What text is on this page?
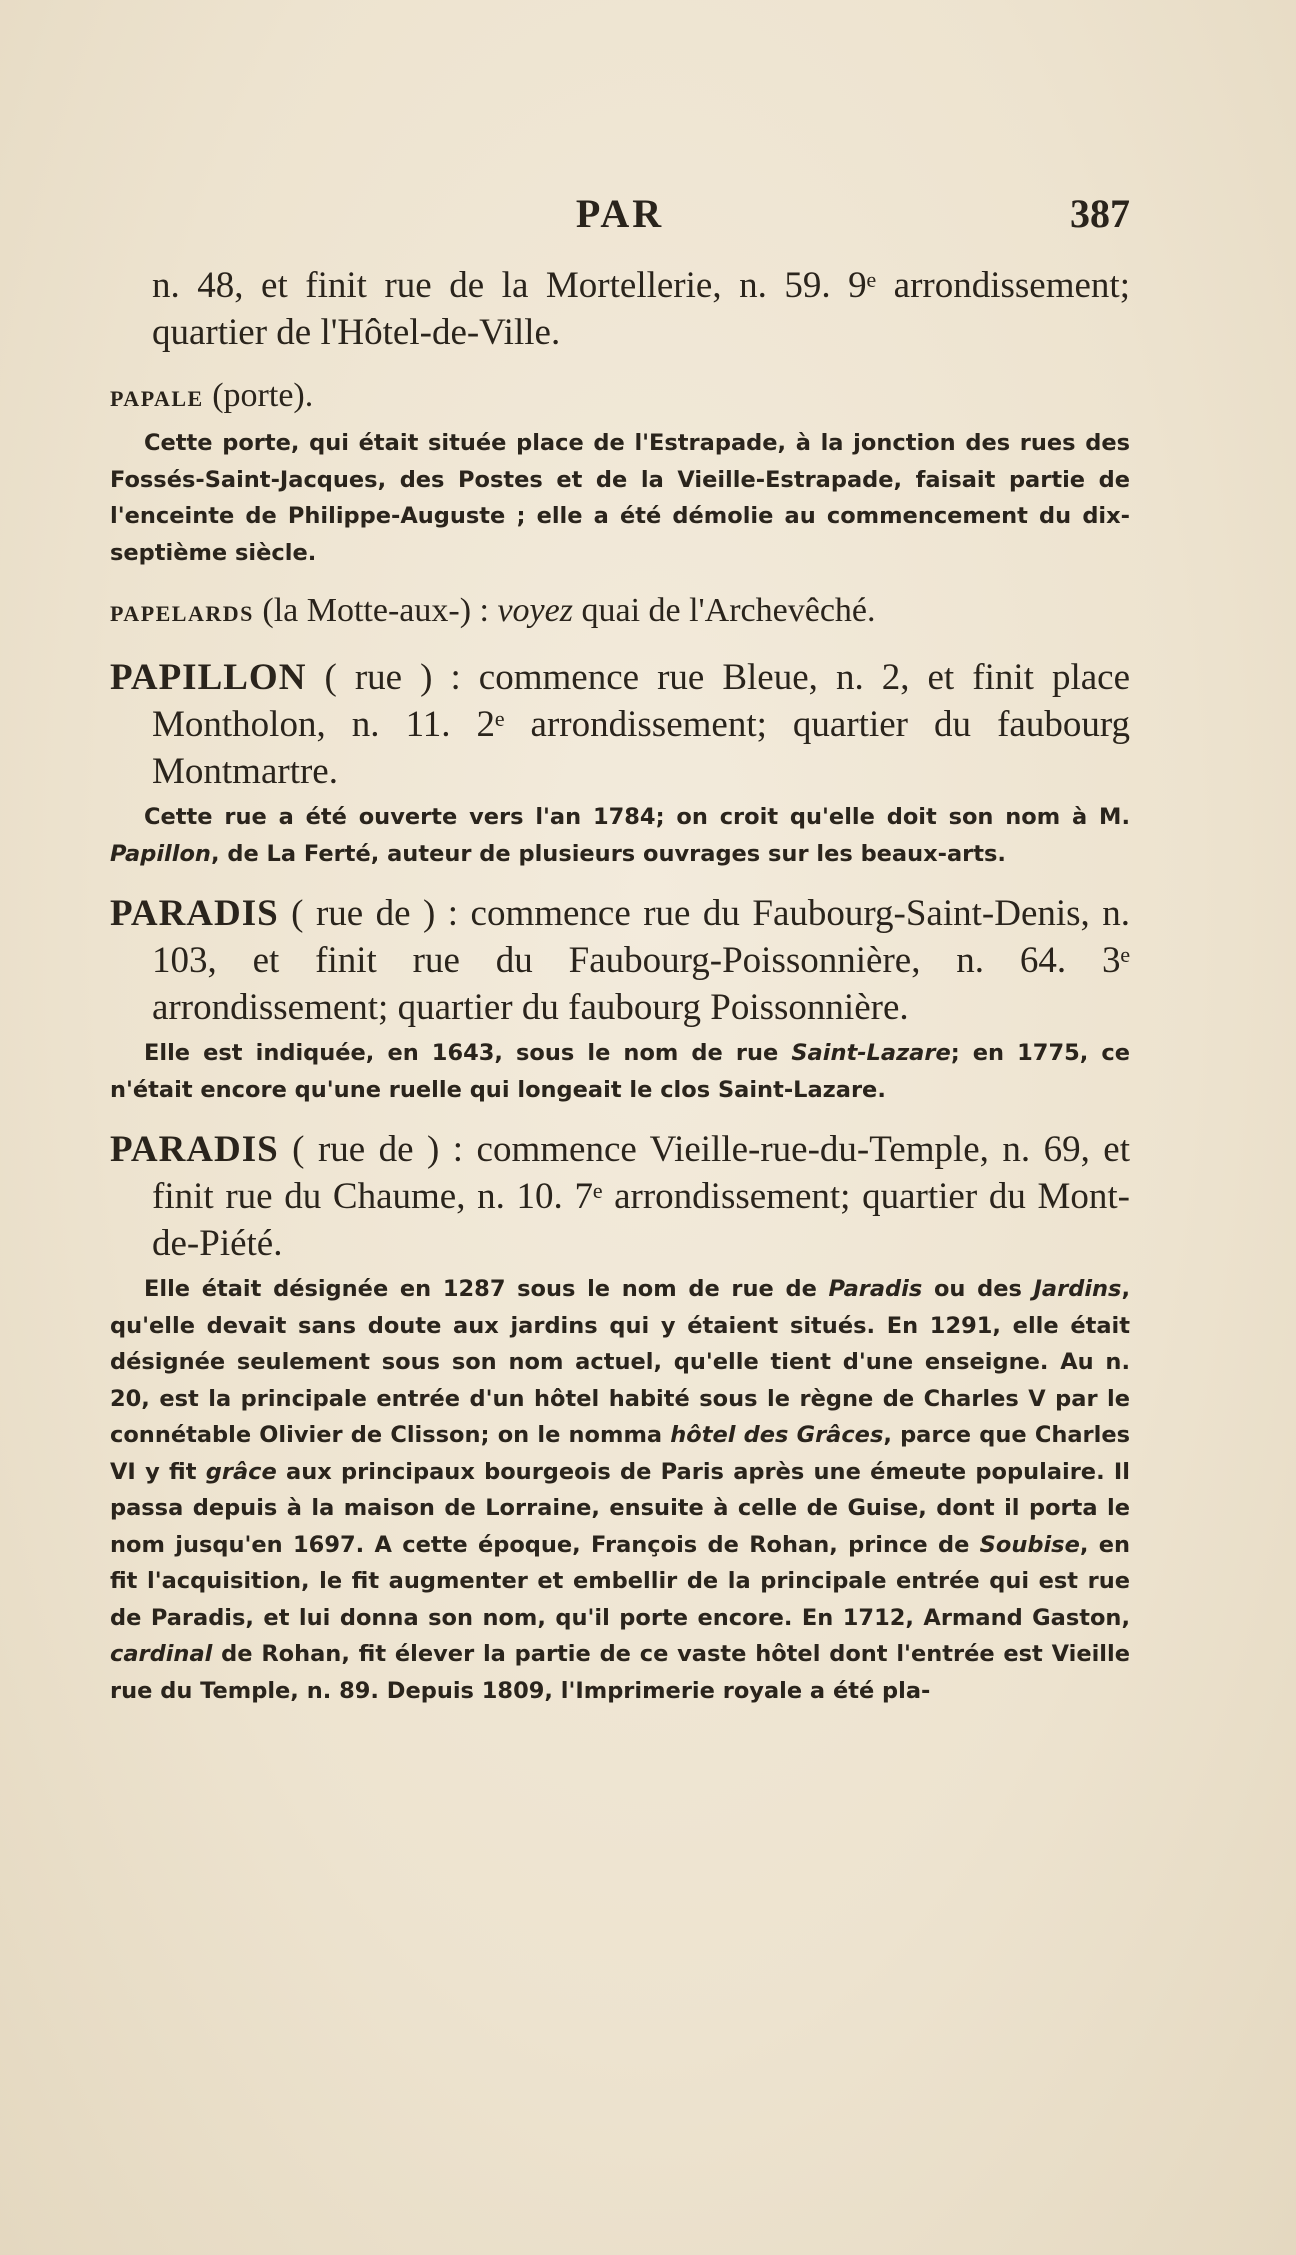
PAR	387

n. 48, et finit rue de la Mortellerie, n. 59. 9ᵉ arrondissement; quartier de l'Hôtel-de-Ville.

PAPALE (porte).

Cette porte, qui était située place de l'Estrapade, à la jonction des rues des Fossés-Saint-Jacques, des Postes et de la Vieille-Estrapade, faisait partie de l'enceinte de Philippe-Auguste ; elle a été démolie au commencement du dix-septième siècle.

PAPELARDS (la Motte-aux-) : voyez quai de l'Archevêché.

PAPILLON ( rue ) : commence rue Bleue, n. 2, et finit place Montholon, n. 11. 2ᵉ arrondissement; quartier du faubourg Montmartre.

Cette rue a été ouverte vers l'an 1784; on croit qu'elle doit son nom à M. Papillon, de La Ferté, auteur de plusieurs ouvrages sur les beaux-arts.

PARADIS ( rue de ) : commence rue du Faubourg-Saint-Denis, n. 103, et finit rue du Faubourg-Poissonnière, n. 64. 3ᵉ arrondissement; quartier du faubourg Poissonnière.

Elle est indiquée, en 1643, sous le nom de rue Saint-Lazare; en 1775, ce n'était encore qu'une ruelle qui longeait le clos Saint-Lazare.

PARADIS ( rue de ) : commence Vieille-rue-du-Temple, n. 69, et finit rue du Chaume, n. 10. 7ᵉ arrondissement; quartier du Mont-de-Piété.

Elle était désignée en 1287 sous le nom de rue de Paradis ou des Jardins, qu'elle devait sans doute aux jardins qui y étaient situés. En 1291, elle était désignée seulement sous son nom actuel, qu'elle tient d'une enseigne. Au n. 20, est la principale entrée d'un hôtel habité sous le règne de Charles V par le connétable Olivier de Clisson; on le nomma hôtel des Grâces, parce que Charles VI y fit grâce aux principaux bourgeois de Paris après une émeute populaire. Il passa depuis à la maison de Lorraine, ensuite à celle de Guise, dont il porta le nom jusqu'en 1697. A cette époque, François de Rohan, prince de Soubise, en fit l'acquisition, le fit augmenter et embellir de la principale entrée qui est rue de Paradis, et lui donna son nom, qu'il porte encore. En 1712, Armand Gaston, cardinal de Rohan, fit élever la partie de ce vaste hôtel dont l'entrée est Vieille rue du Temple, n. 89. Depuis 1809, l'Imprimerie royale a été pla-
